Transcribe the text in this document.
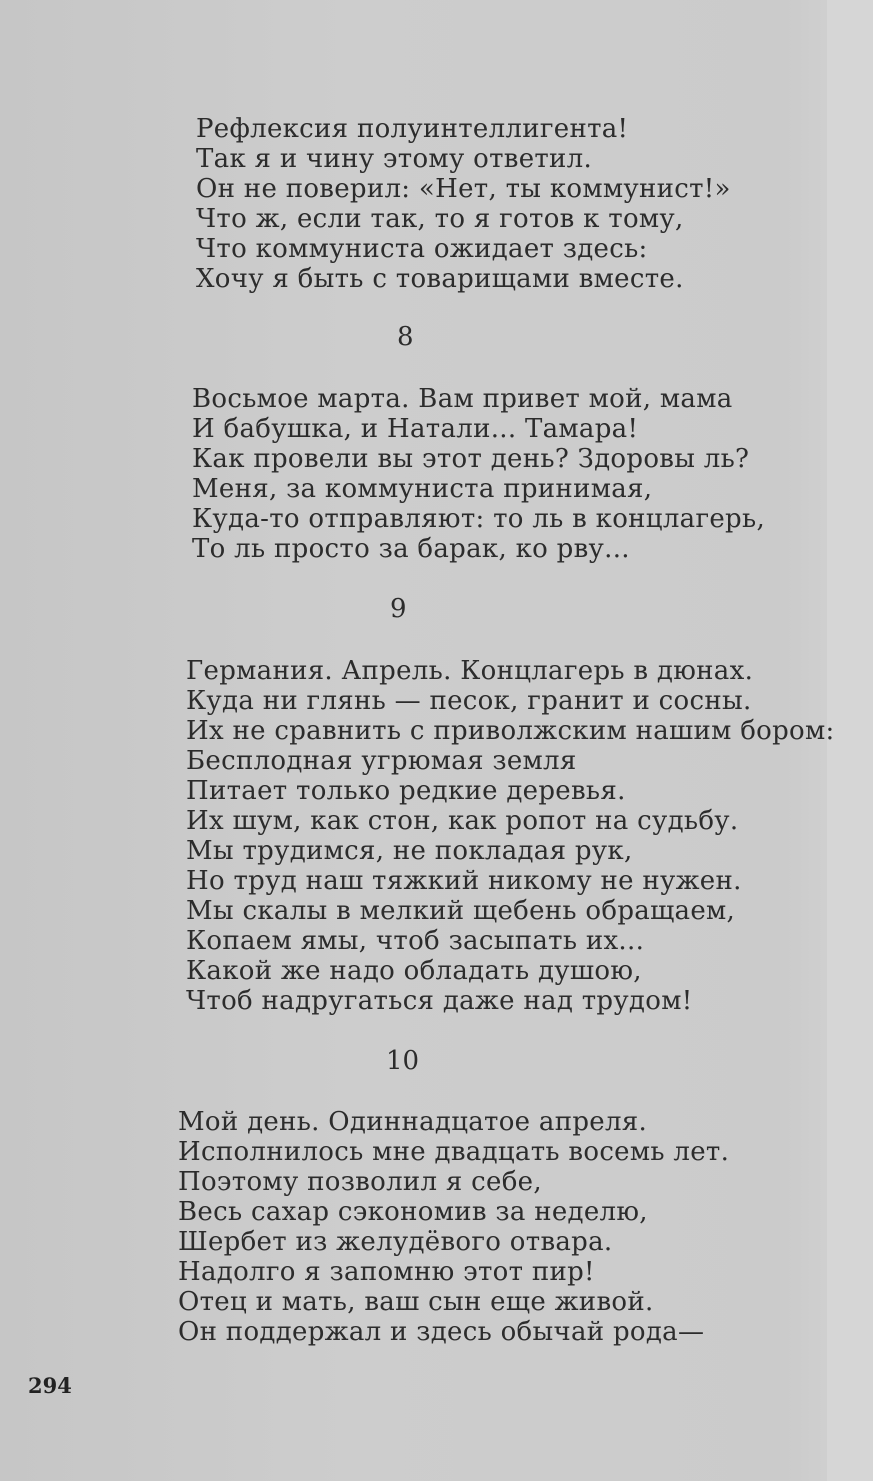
Рефлексия полуинтеллигента!
Так я и чину этому ответил.
Он не поверил: «Нет, ты коммунист!»
Что ж, если так, то я готов к тому,
Что коммуниста ожидает здесь:
Хочу я быть с товарищами вместе.
8
Восьмое марта. Вам привет мой, мама
И бабушка, и Натали... Тамара!
Как провели вы этот день? Здоровы ль?
Меня, за коммуниста принимая,
Куда-то отправляют: то ль в концлагерь,
То ль просто за барак, ко рву...
9
Германия. Апрель. Концлагерь в дюнах.
Куда ни глянь — песок, гранит и сосны.
Их не сравнить с приволжским нашим бором:
Бесплодная угрюмая земля
Питает только редкие деревья.
Их шум, как стон, как ропот на судьбу.
Мы трудимся, не покладая рук,
Но труд наш тяжкий никому не нужен.
Мы скалы в мелкий щебень обращаем,
Копаем ямы, чтоб засыпать их...
Какой же надо обладать душою,
Чтоб надругаться даже над трудом!
10
Мой день. Одиннадцатое апреля.
Исполнилось мне двадцать восемь лет.
Поэтому позволил я себе,
Весь сахар сэкономив за неделю,
Шербет из желудёвого отвара.
Надолго я запомню этот пир!
Отец и мать, ваш сын еще живой.
Он поддержал и здесь обычай рода—
294
